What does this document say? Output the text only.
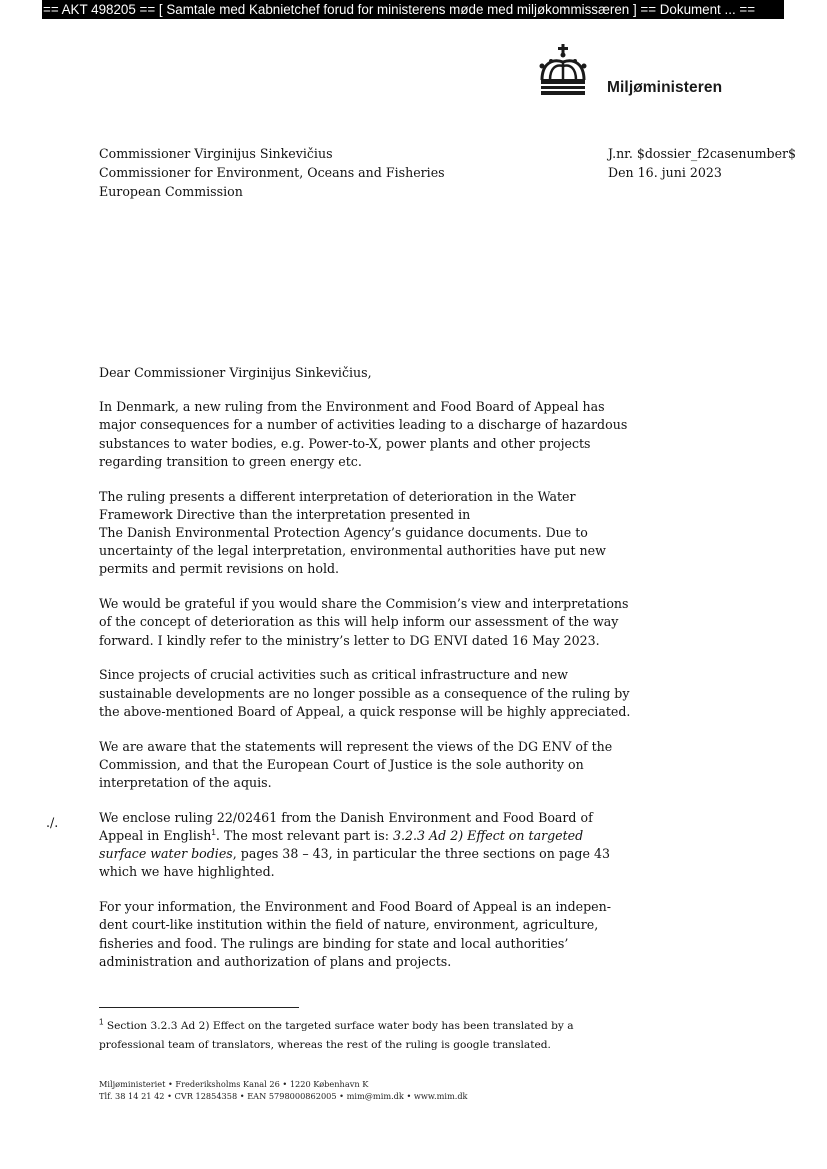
== AKT 498205 == [ Samtale med Kabnietchef forud for ministerens møde med miljøkommissæren ] == Dokument ... ==
Miljøministeren
Commissioner Virginijus Sinkevičius
Commissioner for Environment, Oceans and Fisheries
European Commission
J.nr. $dossier_f2casenumber$
Den 16. juni 2023

Dear Commissioner Virginijus Sinkevičius,

In Denmark, a new ruling from the Environment and Food Board of Appeal has
major consequences for a number of activities leading to a discharge of hazardous
substances to water bodies, e.g. Power-to-X, power plants and other projects
regarding transition to green energy etc.

The ruling presents a different interpretation of deterioration in the Water
Framework Directive than the interpretation presented in
The Danish Environmental Protection Agency’s guidance documents. Due to
uncertainty of the legal interpretation, environmental authorities have put new
permits and permit revisions on hold.

We would be grateful if you would share the Commision’s view and interpretations
of the concept of deterioration as this will help inform our assessment of the way
forward. I kindly refer to the ministry’s letter to DG ENVI dated 16 May 2023.

Since projects of crucial activities such as critical infrastructure and new
sustainable developments are no longer possible as a consequence of the ruling by
the above-mentioned Board of Appeal, a quick response will be highly appreciated.

We are aware that the statements will represent the views of the DG ENV of the
Commission, and that the European Court of Justice is the sole authority on
interpretation of the aquis.

We enclose ruling 22/02461 from the Danish Environment and Food Board of
Appeal in English$^1$. The most relevant part is: 3.2.3 Ad 2) Effect on targeted
surface water bodies, pages 38 – 43, in particular the three sections on page 43
which we have highlighted.

For your information, the Environment and Food Board of Appeal is an indepen-
dent court-like institution within the field of nature, environment, agriculture,
fisheries and food. The rulings are binding for state and local authorities’
administration and authorization of plans and projects.

./.
$^1$ Section 3.2.3 Ad 2) Effect on the targeted surface water body has been translated by a
professional team of translators, whereas the rest of the ruling is google translated.
Miljøministeriet • Frederiksholms Kanal 26 • 1220 København K
Tlf. 38 14 21 42 • CVR 12854358 • EAN 5798000862005 • mim@mim.dk • www.mim.dk
